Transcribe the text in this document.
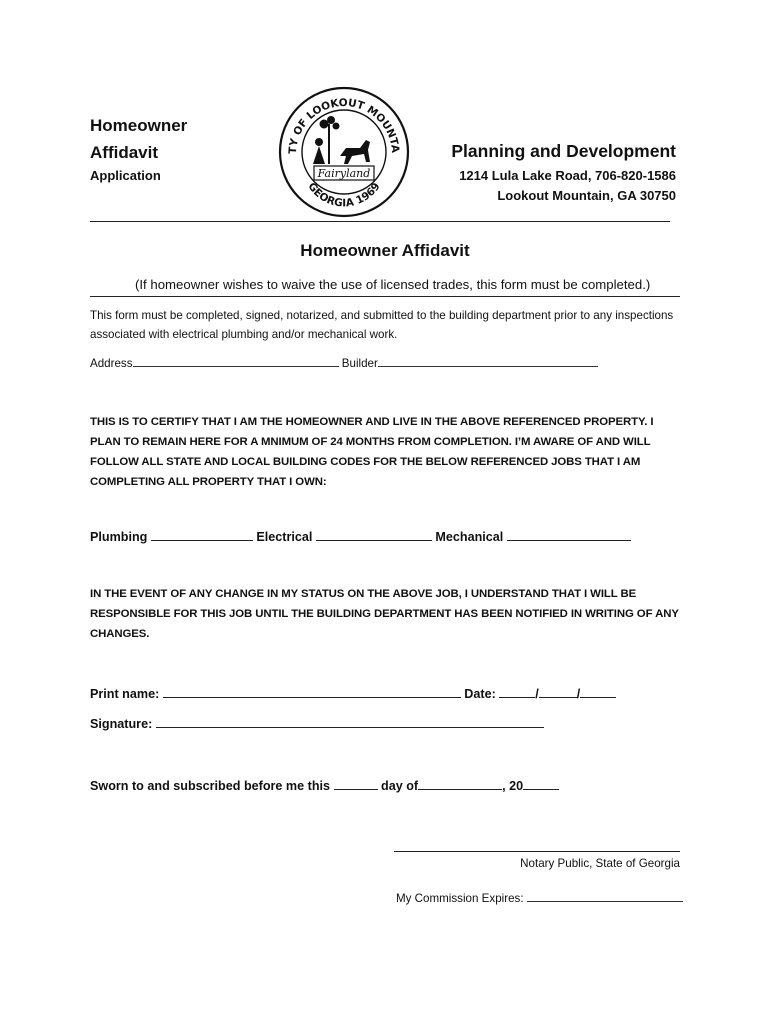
Homeowner
Affidavit
Application
TY OF LOOKOUT MOUNTA
GEORGIA 1969
Fairyland
Planning and Development
1214 Lula Lake Road, 706-820-1586
Lookout Mountain, GA 30750
Homeowner Affidavit
(If homeowner wishes to waive the use of licensed trades, this form must be completed.)
This form must be completed, signed, notarized, and submitted to the building department prior to any inspections associated with electrical plumbing and/or mechanical work.
Address	Builder
THIS IS TO CERTIFY THAT I AM THE HOMEOWNER AND LIVE IN THE ABOVE REFERENCED PROPERTY. I PLAN TO REMAIN HERE FOR A MNIMUM OF 24 MONTHS FROM COMPLETION. I’M AWARE OF AND WILL FOLLOW ALL STATE AND LOCAL BUILDING CODES FOR THE BELOW REFERENCED JOBS THAT I AM COMPLETING ALL PROPERTY THAT I OWN:
Plumbing	Electrical	Mechanical
IN THE EVENT OF ANY CHANGE IN MY STATUS ON THE ABOVE JOB, I UNDERSTAND THAT I WILL BE RESPONSIBLE FOR THIS JOB UNTIL THE BUILDING DEPARTMENT HAS BEEN NOTIFIED IN WRITING OF ANY CHANGES.
Print name:	Date:	/	/
Signature:
Sworn to and subscribed before me this	day of	, 20
Notary Public, State of Georgia
My Commission Expires:
